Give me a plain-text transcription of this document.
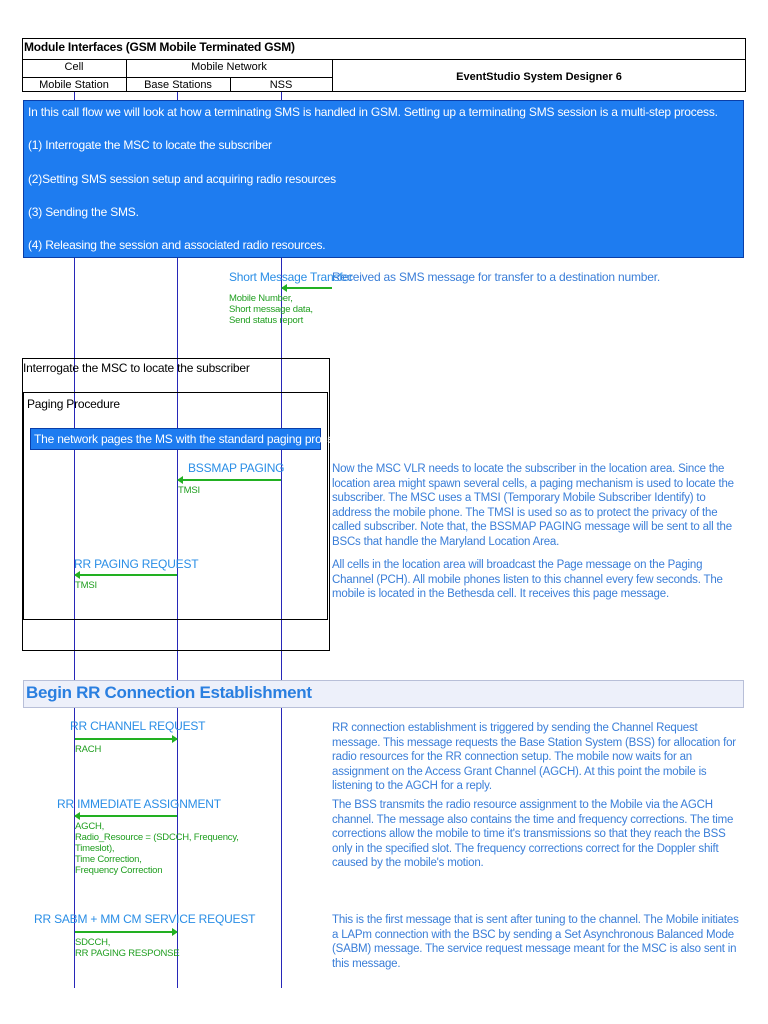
Module Interfaces (GSM Mobile Terminated GSM)
Cell	Mobile Network
Mobile Station	Base Stations	NSS
EventStudio System Designer 6
In this call flow we will look at how a terminating SMS is handled in GSM. Setting up a terminating SMS session is a multi-step process.
(1) Interrogate the MSC to locate the subscriber
(2)Setting SMS session setup and acquiring radio resources
(3) Sending the SMS.
(4) Releasing the session and associated radio resources.
Short Message Transfer
Received as SMS message for transfer to a destination number.
Mobile Number,
Short message data,
Send status report
Interrogate the MSC to locate the subscriber
Paging Procedure
The network pages the MS with the standard paging procedure.
BSSMAP PAGING
TMSI
Now the MSC VLR needs to locate the subscriber in the location area. Since the location area might spawn several cells, a paging mechanism is used to locate the subscriber. The MSC uses a TMSI (Temporary Mobile Subscriber Identify) to address the mobile phone. The TMSI is used so as to protect the privacy of the called subscriber. Note that, the BSSMAP PAGING message will be sent to all the BSCs that handle the Maryland Location Area.
RR PAGING REQUEST
TMSI
All cells in the location area will broadcast the Page message on the Paging Channel (PCH). All mobile phones listen to this channel every few seconds. The mobile is located in the Bethesda cell. It receives this page message.
Begin RR Connection Establishment
RR CHANNEL REQUEST
RACH
RR connection establishment is triggered by sending the Channel Request message. This message requests the Base Station System (BSS) for allocation for radio resources for the RR connection setup. The mobile now waits for an assignment on the Access Grant Channel (AGCH). At this point the mobile is listening to the AGCH for a reply.
RR IMMEDIATE ASSIGNMENT
AGCH,
Radio_Resource = (SDCCH, Frequency,
Timeslot),
Time Correction,
Frequency Correction
The BSS transmits the radio resource assignment to the Mobile via the AGCH channel. The message also contains the time and frequency corrections. The time corrections allow the mobile to time it's transmissions so that they reach the BSS only in the specified slot. The frequency corrections correct for the Doppler shift caused by the mobile's motion.
RR SABM + MM CM SERVICE REQUEST
SDCCH,
RR PAGING RESPONSE
This is the first message that is sent after tuning to the channel. The Mobile initiates a LAPm connection with the BSC by sending a Set Asynchronous Balanced Mode (SABM) message. The service request message meant for the MSC is also sent in this message.
